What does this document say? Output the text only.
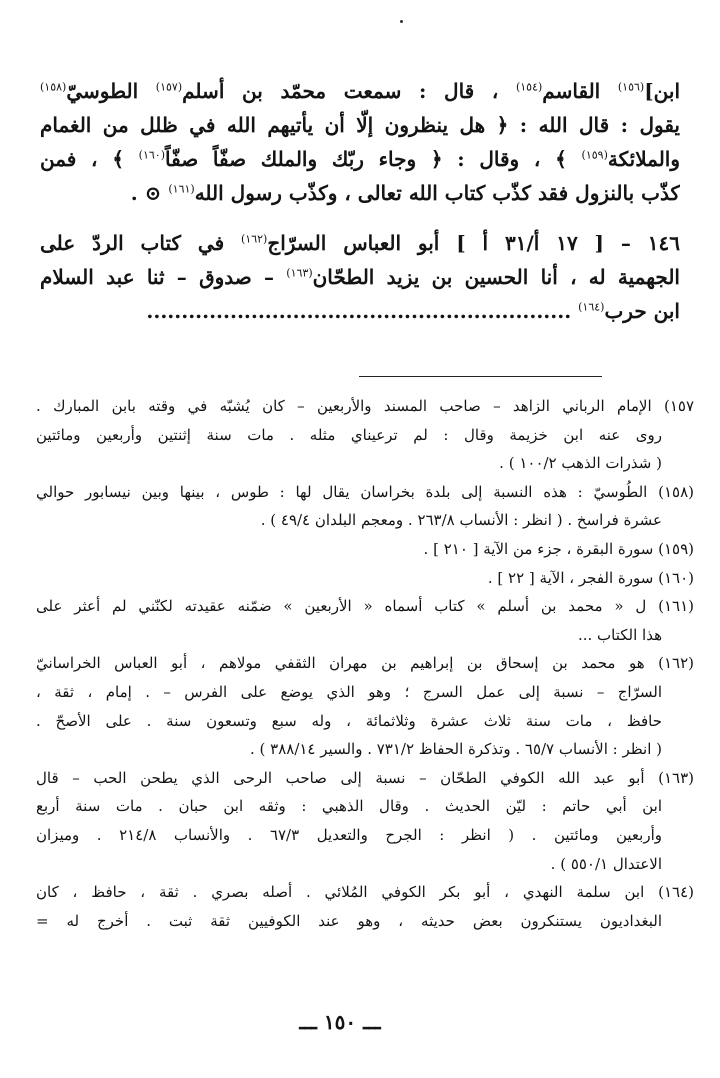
ابن]$^{(١٥٦)}$ القاسم$^{(١٥٤)}$ ، قال : سمعت محمّد بن أسلم$^{(١٥٧)}$ الطوسيّ$^{(١٥٨)}$
يقول : قال الله : ﴿ هل ينظرون إلّا أن يأتيهم الله في ظلل من الغمام
والملائكة$^{(١٥٩)}$ ﴾ ، وقال : ﴿ وجاء ربّك والملك صفّاً صفّاً$^{(١٦٠)}$ ﴾ ، فمن
كذّب بالنزول فقد كذّب كتاب الله تعالى ، وكذّب رسول الله$^{(١٦١)}$ ⊙ .
١٤٦ – [ ١٧ أ/٣١ أ ] أبو العباس السرّاج$^{(١٦٢)}$ في كتاب الردّ على
الجهمية له ، أنا الحسين بن يزيد الطحّان$^{(١٦٣)}$ – صدوق – ثنا عبد السلام
ابن حرب$^{(١٦٤)}$ .............................................................
١٥٧) الإمام الرباني الزاهد – صاحب المسند والأربعين – كان يُشبّه في وقته بابن المبارك .
روى عنه ابن خزيمة وقال : لم ترعيناي مثله . مات سنة إثنتين وأربعين ومائتين
( شذرات الذهب ١٠٠/٢ ) .
(١٥٨) الطُوسيّ : هذه النسبة إلى بلدة بخراسان يقال لها : طوس ، بينها وبين نيسابور حوالي
عشرة فراسخ . ( انظر : الأنساب ٢٦٣/٨ . ومعجم البلدان ٤٩/٤ ) .
(١٥٩) سورة البقرة ، جزء من الآية [ ٢١٠ ] .
(١٦٠) سورة الفجر ، الآية [ ٢٢ ] .
(١٦١) ل « محمد بن أسلم » كتاب أسماه « الأربعين » ضمّنه عقيدته لكنّني لم أعثر على
هذا الكتاب ...
(١٦٢) هو محمد بن إسحاق بن إبراهيم بن مهران الثقفي مولاهم ، أبو العباس الخراسانيّ
السرّاج – نسبة إلى عمل السرج ؛ وهو الذي يوضع على الفرس – . إمام ، ثقة ،
حافظ ، مات سنة ثلاث عشرة وثلاثمائة ، وله سبع وتسعون سنة . على الأصحّ .
( انظر : الأنساب ٦٥/٧ . وتذكرة الحفاظ ٧٣١/٢ . والسير ٣٨٨/١٤ ) .
(١٦٣) أبو عبد الله الكوفي الطحّان – نسبة إلى صاحب الرحى الذي يطحن الحب – قال
ابن أبي حاتم : ليّن الحديث . وقال الذهبي : وثقه ابن حبان . مات سنة أربع
وأربعين ومائتين . ( انظر : الجرح والتعديل ٦٧/٣ . والأنساب ٢١٤/٨ . وميزان
الاعتدال ٥٥٠/١ ) .
(١٦٤) ابن سلمة النهدي ، أبو بكر الكوفي المُلائي . أصله بصري . ثقة ، حافظ ، كان
البغداديون يستنكرون بعض حديثه ، وهو عند الكوفيين ثقة ثبت . أخرج له =
ـــ ١٥٠ ـــ
